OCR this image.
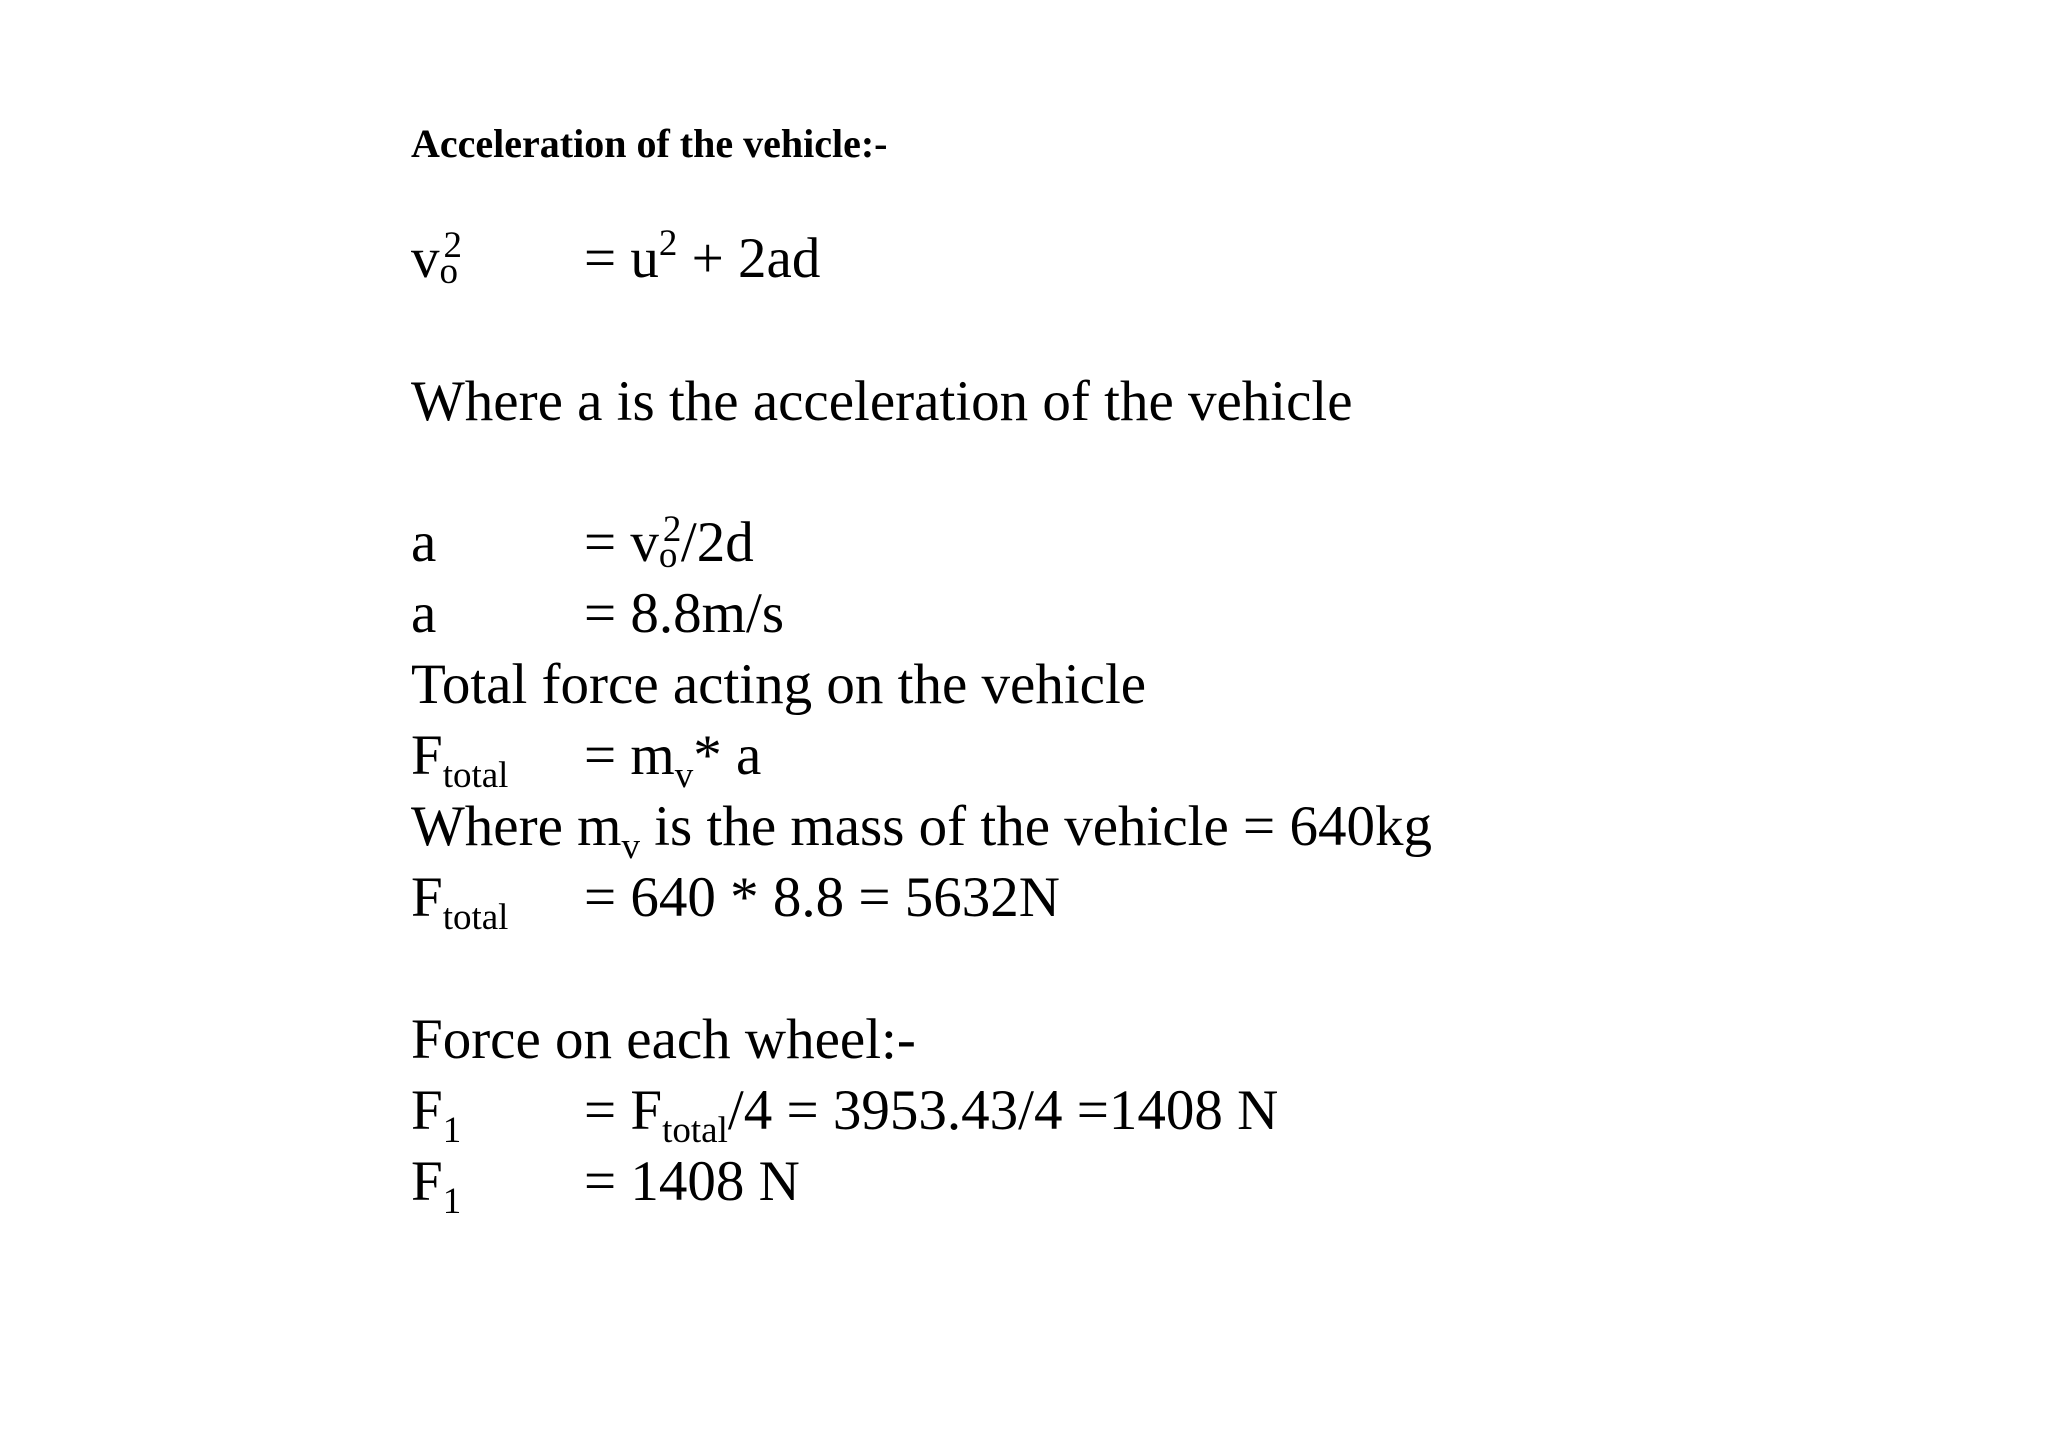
Acceleration of the vehicle:-
v 2
$o = u^2 + 2ad$
Where a is the acceleration of the vehicle
a	= v 2
o /2d
a	= 8.8m/s
Total force acting on the vehicle
$F_{total} = m_v*$ a
Where $m_v$ is the mass of the vehicle = 640kg
$F_{total} = 640 * 8.8 = 5632N$
Force on each wheel:-
$F_1 = F_{total}/4 = 3953.43/4 =1408$ N
$F_1 = 1408$ N
